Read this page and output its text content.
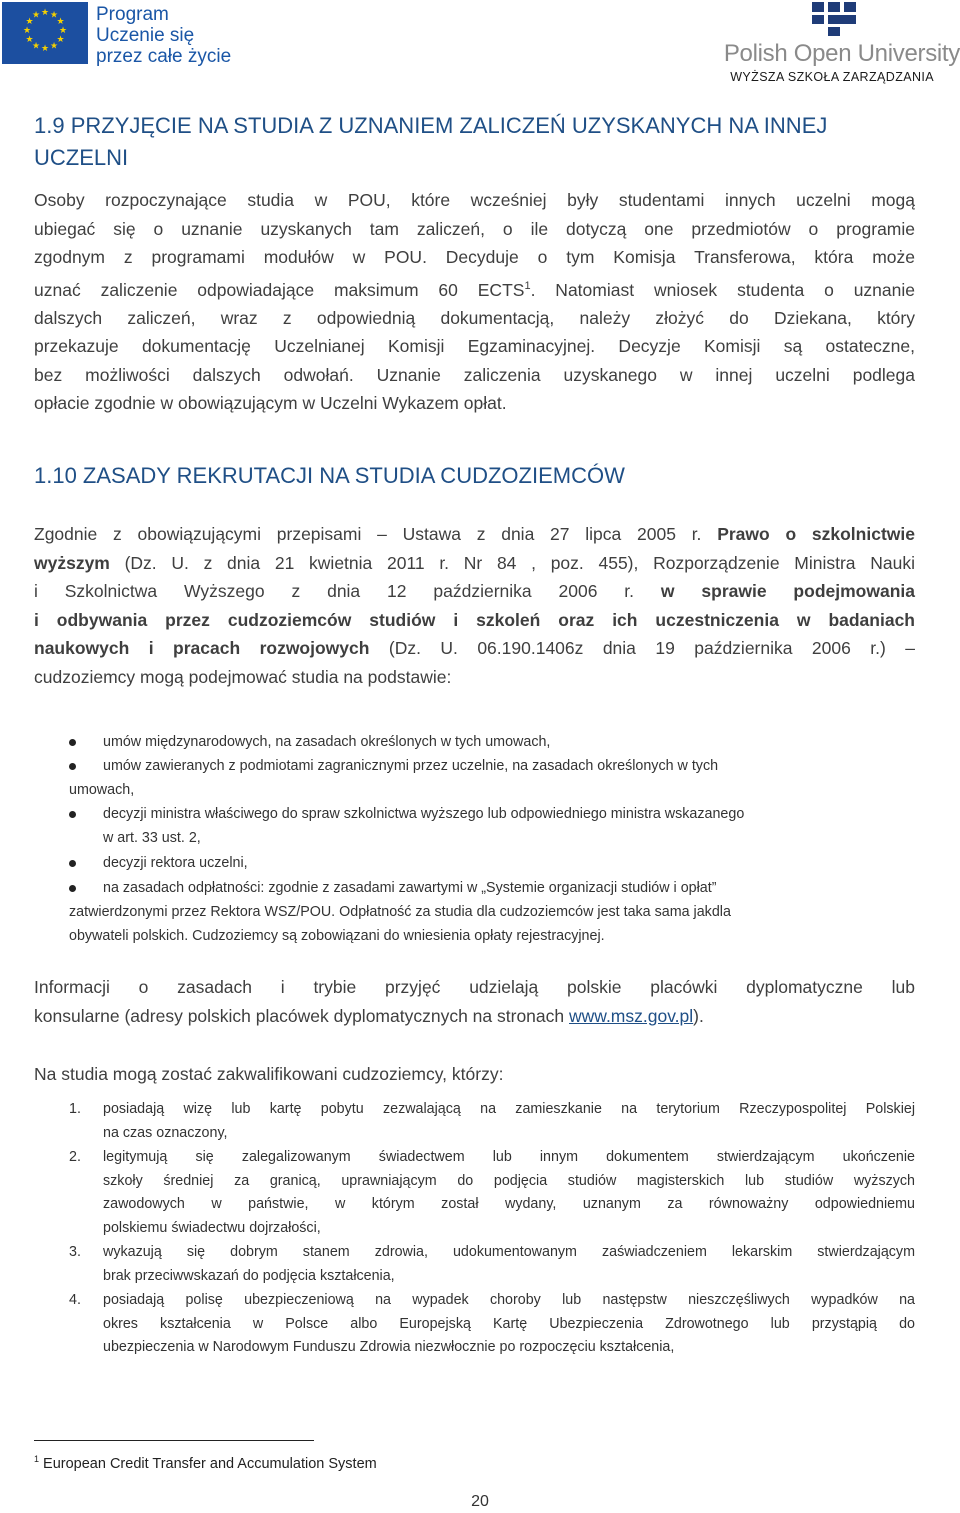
★ ★
★
★
★
★
★
★
★
★
★
★	Program
Uczenie się
przez całe życie	Polish Open University
WYŻSZA SZKOŁA ZARZĄDZANIA
1.9 PRZYJĘCIE NA STUDIA Z UZNANIEM ZALICZEŃ UZYSKANYCH NA INNEJ
UCZELNI
Osoby rozpoczynające studia w POU, które wcześniej były studentami innych uczelni mogą
ubiegać się o uznanie uzyskanych tam zaliczeń, o ile dotyczą one przedmiotów o programie
zgodnym z programami modułów w POU. Decyduje o tym Komisja Transferowa, która może
uznać zaliczenie odpowiadające maksimum 60 ECTS$^1$. Natomiast wniosek studenta o uznanie
dalszych zaliczeń, wraz z odpowiednią dokumentacją, należy złożyć do Dziekana, który
przekazuje dokumentację Uczelnianej Komisji Egzaminacyjnej. Decyzje Komisji są ostateczne,
bez możliwości dalszych odwołań. Uznanie zaliczenia uzyskanego w innej uczelni podlega
opłacie zgodnie w obowiązującym w Uczelni Wykazem opłat.
1.10 ZASADY REKRUTACJI NA STUDIA CUDZOZIEMCÓW
Zgodnie z obowiązującymi przepisami – Ustawa z dnia 27 lipca 2005 r. Prawo o szkolnictwie
wyższym (Dz. U. z dnia 21 kwietnia 2011 r. Nr 84 , poz. 455), Rozporządzenie Ministra Nauki
i Szkolnictwa Wyższego z dnia 12 października 2006 r. w sprawie podejmowania
i odbywania przez cudzoziemców studiów i szkoleń oraz ich uczestniczenia w badaniach
naukowych i pracach rozwojowych (Dz. U. 06.190.1406z dnia 19 października 2006 r.) –
cudzoziemcy mogą podejmować studia na podstawie:
umów międzynarodowych, na zasadach określonych w tych umowach,
umów zawieranych z podmiotami zagranicznymi przez uczelnie, na zasadach określonych w tych
umowach,
decyzji ministra właściwego do spraw szkolnictwa wyższego lub odpowiedniego ministra wskazanego
w art. 33 ust. 2,
decyzji rektora uczelni,
na zasadach odpłatności: zgodnie z zasadami zawartymi w „Systemie organizacji studiów i opłat”
zatwierdzonymi przez Rektora WSZ/POU. Odpłatność za studia dla cudzoziemców jest taka sama jakdla
obywateli polskich. Cudzoziemcy są zobowiązani do wniesienia opłaty rejestracyjnej.
Informacji o zasadach i trybie przyjęć udzielają polskie placówki dyplomatyczne lub
konsularne (adresy polskich placówek dyplomatycznych na stronach www.msz.gov.pl).
Na studia mogą zostać zakwalifikowani cudzoziemcy, którzy:
1. posiadają wizę lub kartę pobytu zezwalającą na zamieszkanie na terytorium Rzeczypospolitej Polskiej
na czas oznaczony,
2. legitymują się zalegalizowanym świadectwem lub innym dokumentem stwierdzającym ukończenie
szkoły średniej za granicą, uprawniającym do podjęcia studiów magisterskich lub studiów wyższych
zawodowych w państwie, w którym został wydany, uznanym za równoważny odpowiedniemu
polskiemu świadectwu dojrzałości,
3. wykazują się dobrym stanem zdrowia, udokumentowanym zaświadczeniem lekarskim stwierdzającym
brak przeciwwskazań do podjęcia kształcenia,
4. posiadają polisę ubezpieczeniową na wypadek choroby lub następstw nieszczęśliwych wypadków na
okres kształcenia w Polsce albo Europejską Kartę Ubezpieczenia Zdrowotnego lub przystąpią do
ubezpieczenia w Narodowym Funduszu Zdrowia niezwłocznie po rozpoczęciu kształcenia,
$^1$ European Credit Transfer and Accumulation System
20
